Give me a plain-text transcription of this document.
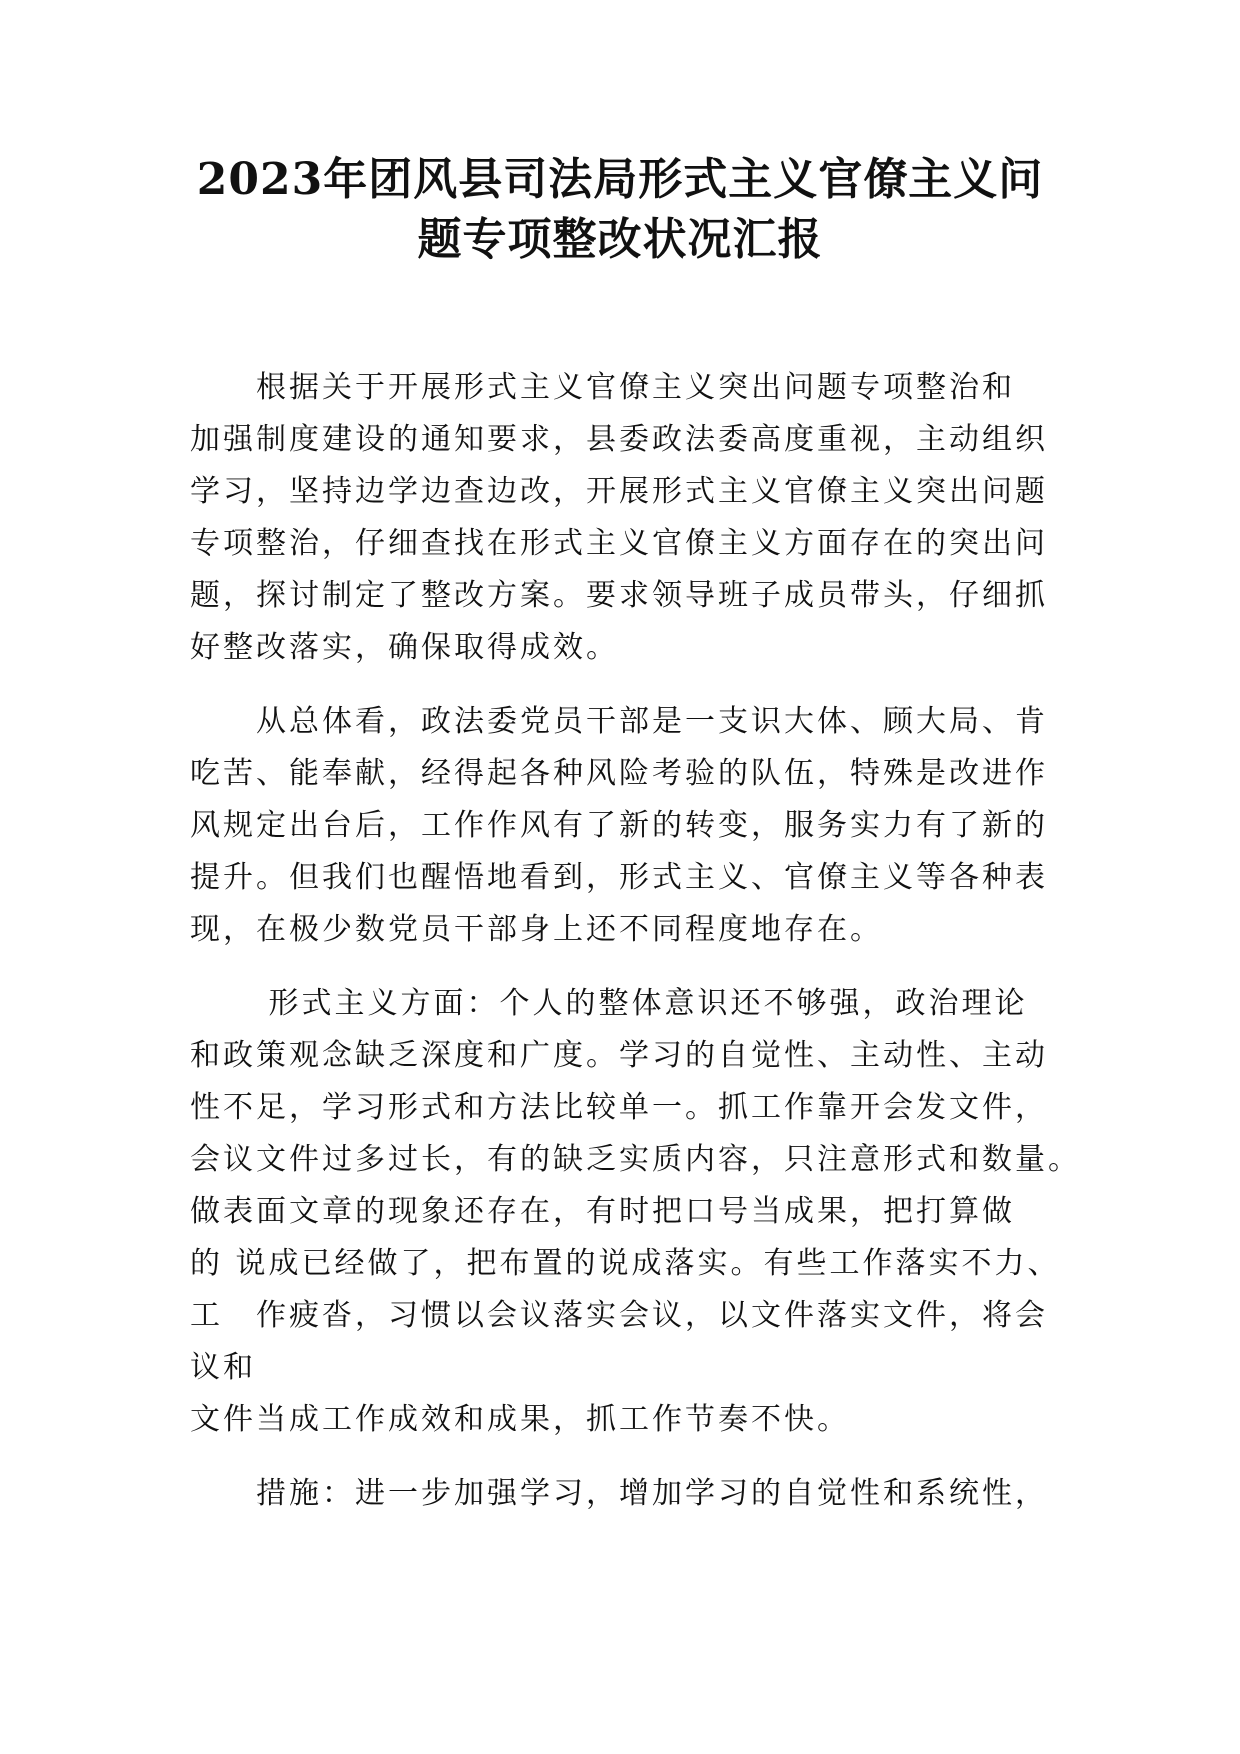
2023年团风县司法局形式主义官僚主义问
题专项整改状况汇报
　　根据关于开展形式主义官僚主义突出问题专项整治和
加强制度建设的通知要求，县委政法委高度重视，主动组织
学习，坚持边学边查边改，开展形式主义官僚主义突出问题
专项整治，仔细查找在形式主义官僚主义方面存在的突出问
题，探讨制定了整改方案。要求领导班子成员带头，仔细抓
好整改落实，确保取得成效。
　　从总体看，政法委党员干部是一支识大体、顾大局、肯
吃苦、能奉献，经得起各种风险考验的队伍，特殊是改进作
风规定出台后，工作作风有了新的转变，服务实力有了新的
提升。但我们也醒悟地看到，形式主义、官僚主义等各种表
现，在极少数党员干部身上还不同程度地存在。
　　 形式主义方面：个人的整体意识还不够强，政治理论
和政策观念缺乏深度和广度。学习的自觉性、主动性、主动
性不足，学习形式和方法比较单一。抓工作靠开会发文件，
会议文件过多过长，有的缺乏实质内容，只注意形式和数量。
做表面文章的现象还存在，有时把口号当成果，把打算做
的 说成已经做了，把布置的说成落实。有些工作落实不力、
工　作疲沓，习惯以会议落实会议，以文件落实文件，将会
议和
文件当成工作成效和成果，抓工作节奏不快。
　　措施：进一步加强学习，增加学习的自觉性和系统性，
